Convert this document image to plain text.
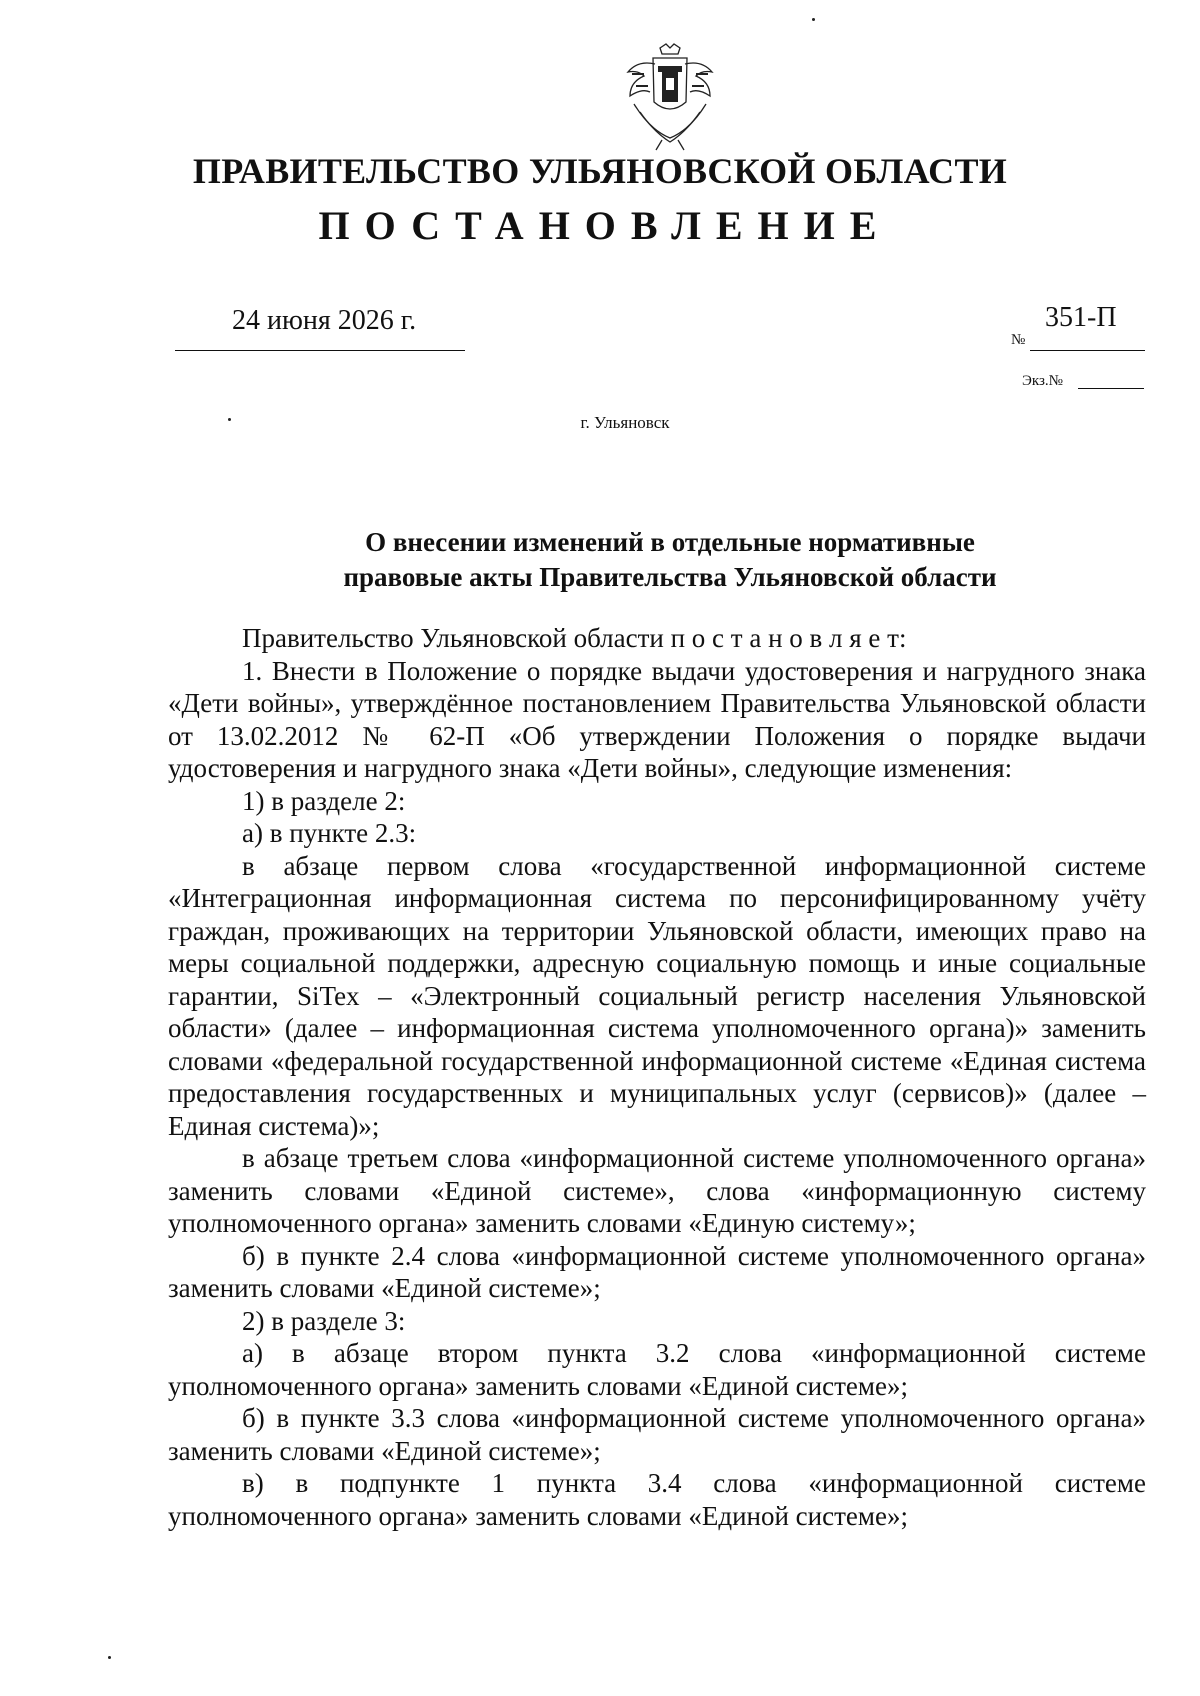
ПРАВИТЕЛЬСТВО УЛЬЯНОВСКОЙ ОБЛАСТИ
ПОСТАНОВЛЕНИЕ
24 июня 2026 г.
№
351-П
Экз.№
г. Ульяновск
О внесении изменений в отдельные нормативные
правовые акты Правительства Ульяновской области

Правительство Ульяновской области п о с т а н о в л я е т:

1. Внести в Положение о порядке выдачи удостоверения и нагрудного знака «Дети войны», утверждённое постановлением Правительства Ульяновской области от 13.02.2012 № 62-П «Об утверждении Положения о порядке выдачи удостоверения и нагрудного знака «Дети войны», следующие изменения:

1) в разделе 2:

а) в пункте 2.3:

в абзаце первом слова «государственной информационной системе «Интеграционная информационная система по персонифицированному учёту граждан, проживающих на территории Ульяновской области, имеющих право на меры социальной поддержки, адресную социальную помощь и иные социальные гарантии, SiTex – «Электронный социальный регистр населения Ульяновской области» (далее – информационная система уполномоченного органа)» заменить словами «федеральной государственной информационной системе «Единая система предоставления государственных и муниципальных услуг (сервисов)» (далее – Единая система)»;

в абзаце третьем слова «информационной системе уполномоченного органа» заменить словами «Единой системе», слова «информационную систему уполномоченного органа» заменить словами «Единую систему»;

б) в пункте 2.4 слова «информационной системе уполномоченного органа» заменить словами «Единой системе»;

2) в разделе 3:

а) в абзаце втором пункта 3.2 слова «информационной системе уполномоченного органа» заменить словами «Единой системе»;

б) в пункте 3.3 слова «информационной системе уполномоченного органа» заменить словами «Единой системе»;

в) в подпункте 1 пункта 3.4 слова «информационной системе уполномоченного органа» заменить словами «Единой системе»;
